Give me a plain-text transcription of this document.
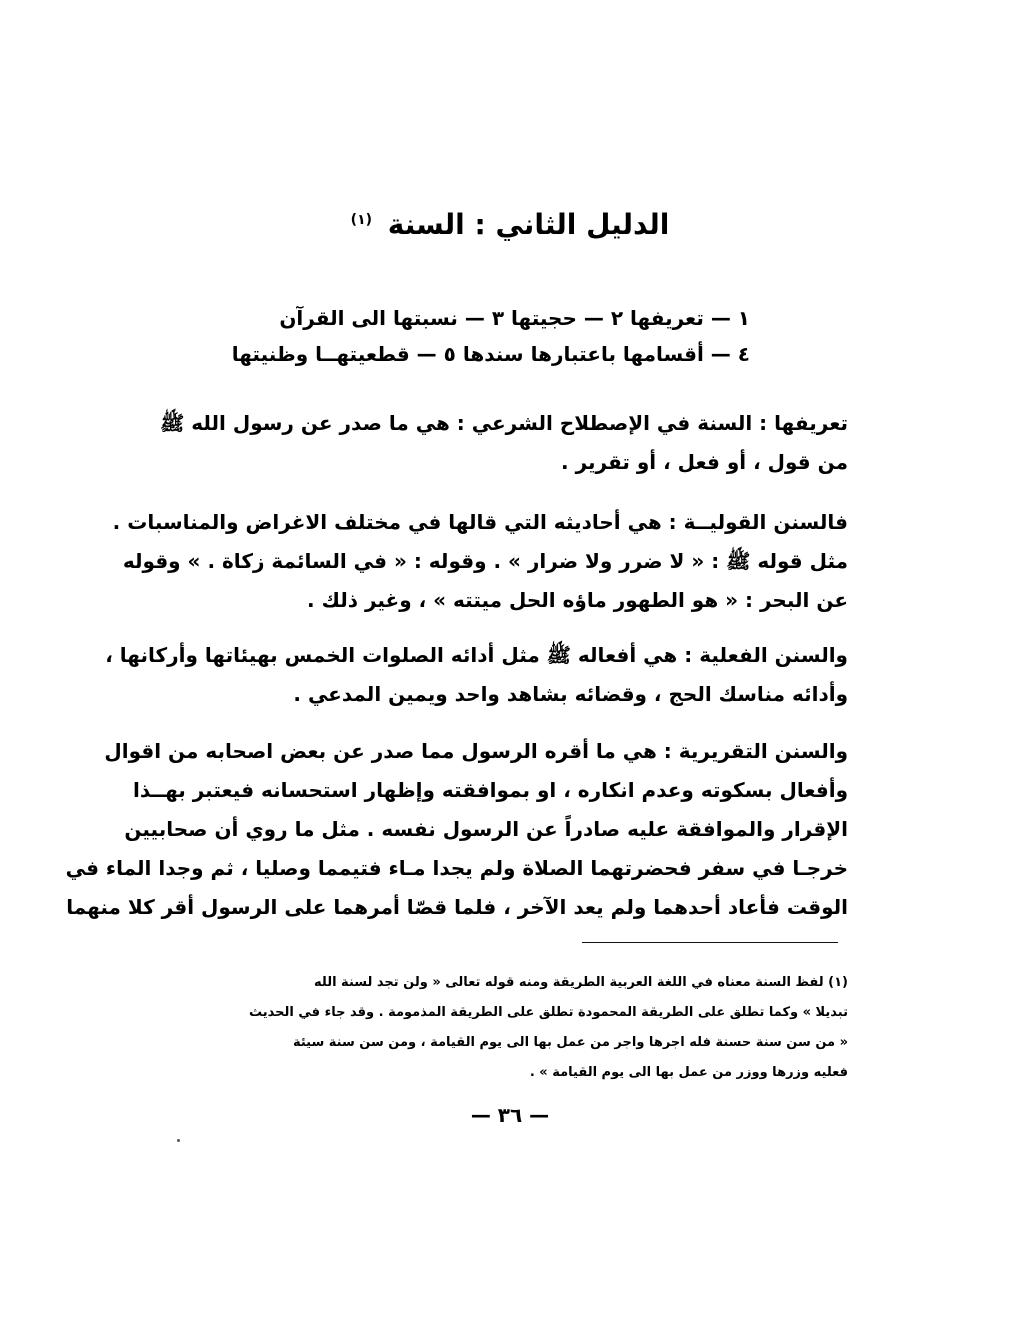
الدليل الثاني : السنة $^{(١)}$
١ — تعريفها ٢ — حجيتها ٣ — نسبتها الى القرآن
٤ — أقسامها باعتبارها سندها ٥ — قطعيتهــا وظنيتها
تعريفها : السنة في الإصطلاح الشرعي : هي ما صدر عن رسول الله ﷺ
من قول ، أو فعل ، أو تقرير .
فالسنن القوليــة : هي أحاديثه التي قالها في مختلف الاغراض والمناسبات .
مثل قوله ﷺ : « لا ضرر ولا ضرار » . وقوله : « في السائمة زكاة . » وقوله
عن البحر : « هو الطهور ماؤه الحل ميتته » ، وغير ذلك .
والسنن الفعلية : هي أفعاله ﷺ مثل أدائه الصلوات الخمس بهيئاتها وأركانها ،
وأدائه مناسك الحج ، وقضائه بشاهد واحد ويمين المدعي .
والسنن التقريرية : هي ما أقره الرسول مما صدر عن بعض اصحابه من اقوال
وأفعال بسكوته وعدم انكاره ، او بموافقته وإظهار استحسانه فيعتبر بهــذا
الإقرار والموافقة عليه صادراً عن الرسول نفسه . مثل ما روي أن صحابيين
خرجـا في سفر فحضرتهما الصلاة ولم يجدا مـاء فتيمما وصليا ، ثم وجدا الماء في
الوقت فأعاد أحدهما ولم يعد الآخر ، فلما قصّا أمرهما على الرسول أقر كلا منهما
(١) لفظ السنة معناه في اللغة العربية الطريقة ومنه قوله تعالى « ولن تجد لسنة الله
تبديلا » وكما تطلق على الطريقة المحمودة تطلق على الطريقة المذمومة . وقد جاء في الحديث
« من سن سنة حسنة فله اجرها واجر من عمل بها الى يوم القيامة ، ومن سن سنة سيئة
فعليه وزرها ووزر من عمل بها الى يوم القيامة » .
— ٣٦ —
